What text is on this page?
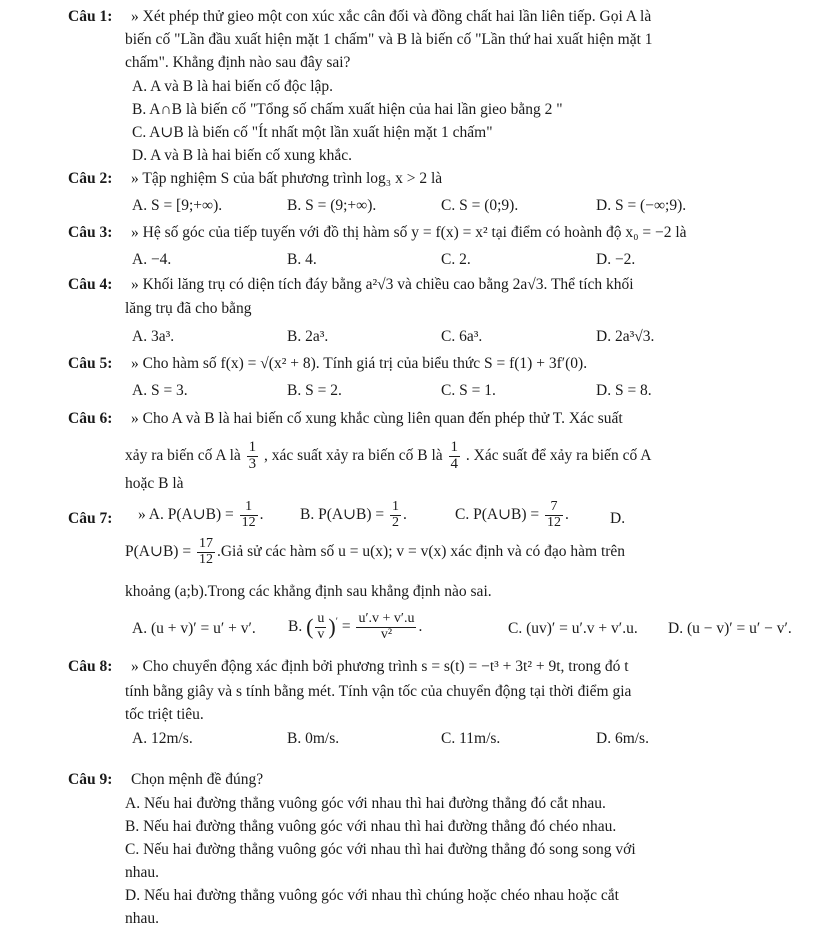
Câu 1: » Xét phép thử gieo một con xúc xắc cân đối và đồng chất hai lần liên tiếp. Gọi A là
biến cố "Lần đầu xuất hiện mặt 1 chấm" và B là biến cố "Lần thứ hai xuất hiện mặt 1
chấm". Khẳng định nào sau đây sai?
A. A và B là hai biến cố độc lập.
B. A∩B là biến cố "Tổng số chấm xuất hiện của hai lần gieo bằng 2 "
C. A∪B là biến cố "Ít nhất một lần xuất hiện mặt 1 chấm"
D. A và B là hai biến cố xung khắc.
Câu 2: » Tập nghiệm S của bất phương trình log₃ x > 2 là
A. S = [9;+∞).	B. S = (9;+∞).	C. S = (0;9).	D. S = (−∞;9).
Câu 3: » Hệ số góc của tiếp tuyến với đồ thị hàm số y = f(x) = x² tại điểm có hoành độ x₀ = −2 là
A. −4.	B. 4.	C. 2.	D. −2.
Câu 4: » Khối lăng trụ có diện tích đáy bằng a²√3 và chiều cao bằng 2a√3. Thể tích khối
lăng trụ đã cho bằng
A. 3a³.	B. 2a³.	C. 6a³.	D. 2a³√3.
Câu 5: » Cho hàm số f(x) = √(x² + 8). Tính giá trị của biểu thức S = f(1) + 3f′(0).
A. S = 3.	B. S = 2.	C. S = 1.	D. S = 8.
Câu 6: » Cho A và B là hai biến cố xung khắc cùng liên quan đến phép thử T. Xác suất
xảy ra biến cố A là $\frac{1}{3}$ , xác suất xảy ra biến cố B là $\frac{1}{4}$ . Xác suất để xảy ra biến cố A
hoặc B là
Câu 7: » A. P(A∪B) = $\frac{1}{12}$ . B. P(A∪B) = $\frac{1}{2}$ .	C. P(A∪B) = $\frac{7}{12}$ .	D.
P(A∪B) = $\frac{17}{12}$ .Giả sử các hàm số u = u(x); v = v(x) xác định và có đạo hàm trên
khoảng (a;b).Trong các khẳng định sau khẳng định nào sai.
A. (u + v)′ = u′ + v′. B. ( $\frac{u}{v} )' = \frac{u'.v + v'.u}{\text{v²}}$ .	C. (uv)′ = u′.v + v′.u. D. (u − v)′ = u′ − v′.
Câu 8: » Cho chuyển động xác định bởi phương trình s = s(t) = −t³ + 3t² + 9t, trong đó t
tính bằng giây và s tính bằng mét. Tính vận tốc của chuyển động tại thời điểm gia
tốc triệt tiêu.
A. 12m/s.	B. 0m/s.	C. 11m/s.	D. 6m/s.
Câu 9: Chọn mệnh đề đúng?
A. Nếu hai đường thẳng vuông góc với nhau thì hai đường thẳng đó cắt nhau.
B. Nếu hai đường thẳng vuông góc với nhau thì hai đường thẳng đó chéo nhau.
C. Nếu hai đường thẳng vuông góc với nhau thì hai đường thẳng đó song song với
nhau.
D. Nếu hai đường thẳng vuông góc với nhau thì chúng hoặc chéo nhau hoặc cắt
nhau.
